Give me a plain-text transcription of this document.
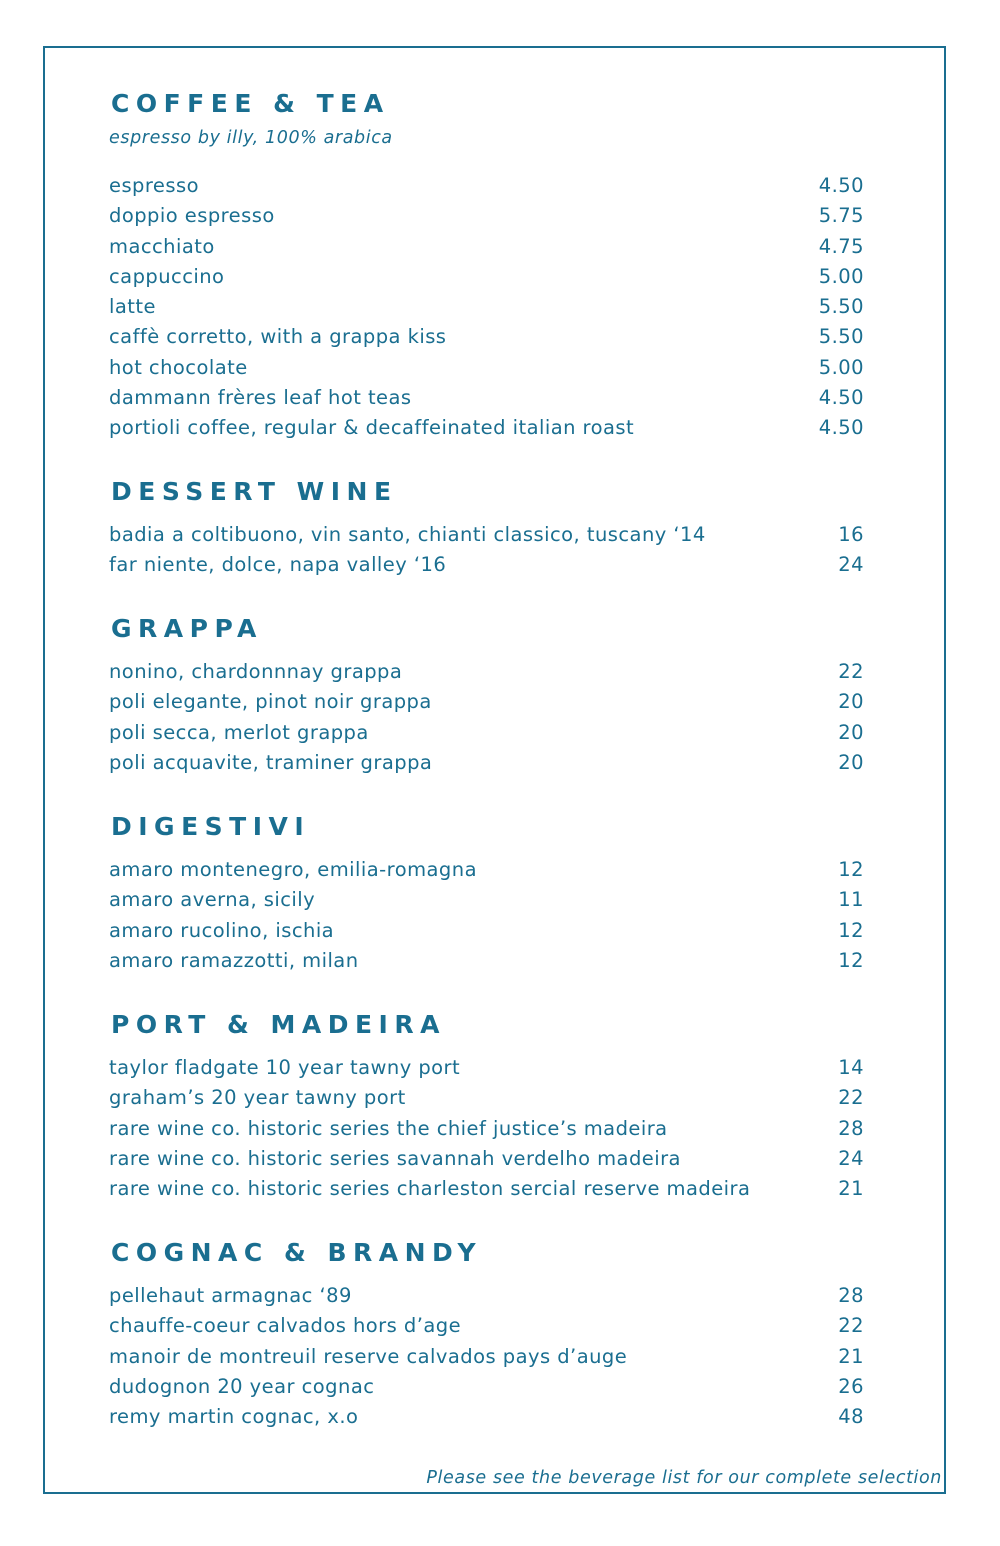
COFFEE & TEA
espresso by illy, 100% arabica
espresso	4.50
doppio espresso	5.75
macchiato	4.75
cappuccino	5.00
latte	5.50
caffè corretto, with a grappa kiss	5.50
hot chocolate	5.00
dammann frères leaf hot teas	4.50
portioli coffee, regular & decaffeinated italian roast	4.50
DESSERT WINE
badia a coltibuono, vin santo, chianti classico, tuscany ‘14	16
far niente, dolce, napa valley ‘16	24
GRAPPA
nonino, chardonnnay grappa	22
poli elegante, pinot noir grappa	20
poli secca, merlot grappa	20
poli acquavite, traminer grappa	20
DIGESTIVI
amaro montenegro, emilia-romagna	12
amaro averna, sicily	11
amaro rucolino, ischia	12
amaro ramazzotti, milan	12
PORT & MADEIRA
taylor fladgate 10 year tawny port	14
graham’s 20 year tawny port	22
rare wine co. historic series the chief justice’s madeira	28
rare wine co. historic series savannah verdelho madeira	24
rare wine co. historic series charleston sercial reserve madeira	21
COGNAC & BRANDY
pellehaut armagnac ‘89	28
chauffe-coeur calvados hors d’age	22
manoir de montreuil reserve calvados pays d’auge	21
dudognon 20 year cognac	26
remy martin cognac, x.o	48
Please see the beverage list for our complete selection
